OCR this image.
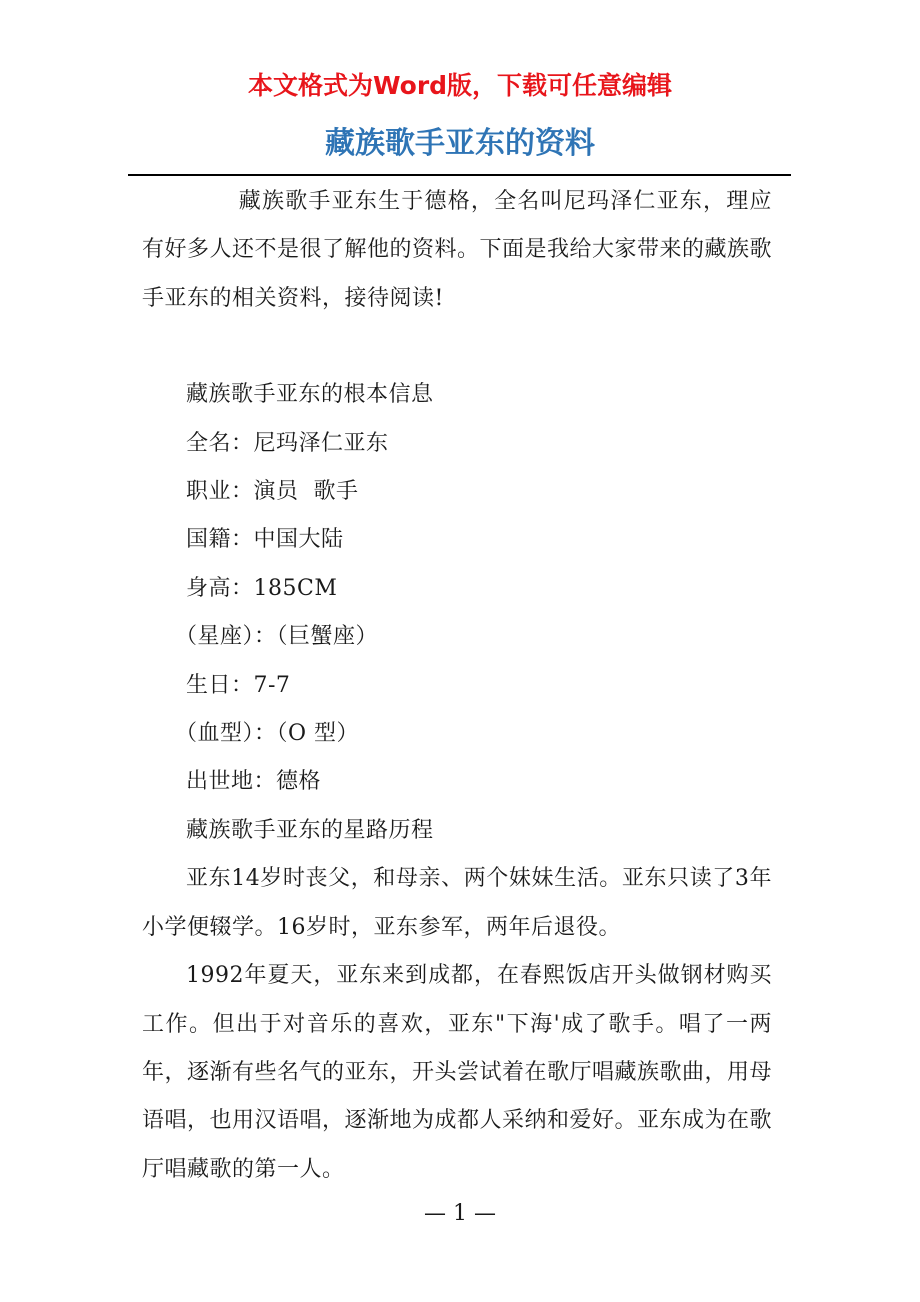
本文格式为Word版，下载可任意编辑
藏族歌手亚东的资料

藏族歌手亚东生于德格，全名叫尼玛泽仁亚东，理应有好多人还不是很了解他的资料。下面是我给大家带来的藏族歌手亚东的相关资料，接待阅读!

藏族歌手亚东的根本信息

全名：尼玛泽仁亚东

职业：演员  歌手

国籍：中国大陆

身高：185CM

（星座）：（巨蟹座）

生日：7-7

（血型）：（O 型）

出世地：德格

藏族歌手亚东的星路历程

亚东14岁时丧父，和母亲、两个妹妹生活。亚东只读了3年小学便辍学。16岁时，亚东参军，两年后退役。

1992年夏天，亚东来到成都，在春熙饭店开头做钢材购买工作。但出于对音乐的喜欢，亚东"下海'成了歌手。唱了一两年，逐渐有些名气的亚东，开头尝试着在歌厅唱藏族歌曲，用母语唱，也用汉语唱，逐渐地为成都人采纳和爱好。亚东成为在歌厅唱藏歌的第一人。

— 1 —
